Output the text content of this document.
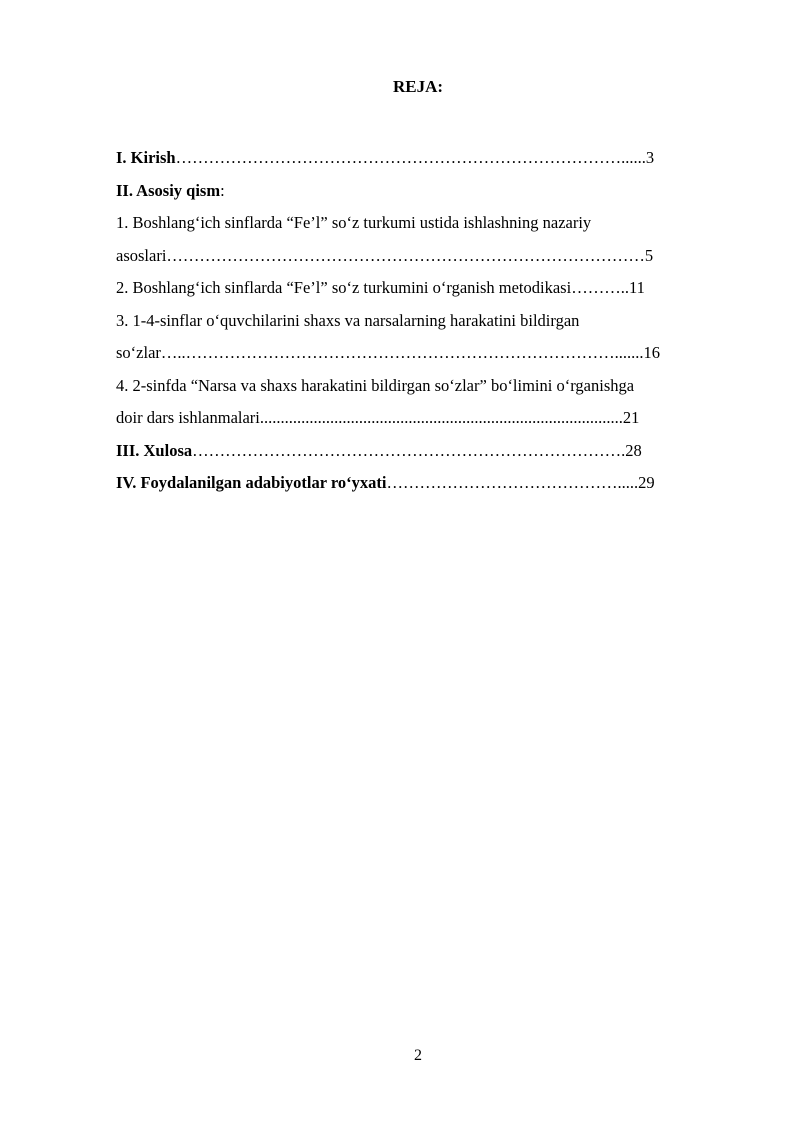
REJA:
I. Kirish………………………………………………………………………......3
II. Asosiy qism:
1. Boshlang‘ich sinflarda “Fe’l” so‘z turkumi ustida ishlashning nazariy
asoslari……………………………………………………………………………5
2. Boshlang‘ich sinflarda “Fe’l” so‘z turkumini o‘rganish metodikasi………..11
3. 1-4-sinflar o‘quvchilarini shaxs va narsalarning harakatini bildirgan
so‘zlar…..…………………………………………………………………….......16
4. 2-sinfda “Narsa va shaxs harakatini bildirgan so‘zlar” bo‘limini o‘rganishga
doir dars ishlanmalari........................................................................................21
III. Xulosa…………………………………………………………………….28
IV. Foydalanilgan adabiyotlar ro‘yxati…………………………………….....29
2
